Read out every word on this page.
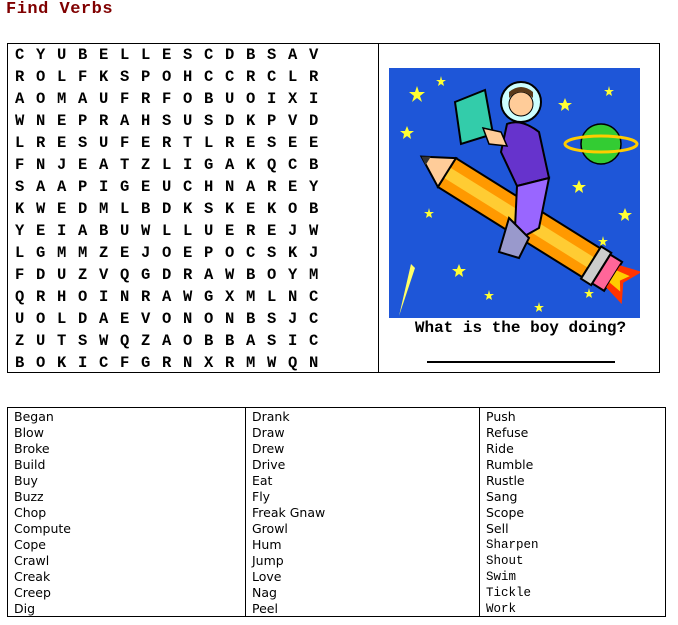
Find Verbs
C Y U B E L L E S C D B S A V
R O L F K S P O H C C R C L R
A O M A U F R F O B U O I X I
W N E P R A H S U S D K P V D
L R E S U F E R T L R E S E E
F N J E A T Z L I G A K Q C B
S A A P I G E U C H N A R E Y
K W E D M L B D K S K E K O B
Y E I A B U W L L U E R E J W
L G M M Z E J O E P O C S K J
F D U Z V Q G D R A W B O Y M
Q R H O I N R A W G X M L N C
U O L D A E V O N O N B S J C
Z U T S W Q Z A O B B A S I C
B O K I C F G R N X R M W Q N
What is the boy doing?
Began
Blow
Broke
Build
Buy
Buzz
Chop
Compute
Cope
Crawl
Creak
Creep
Dig
Drank
Draw
Drew
Drive
Eat
Fly
Freak Gnaw
Growl
Hum
Jump
Love
Nag
Peel
Push
Refuse
Ride
Rumble
Rustle
Sang
Scope
Sell
Sharpen
Shout
Swim
Tickle
Work
